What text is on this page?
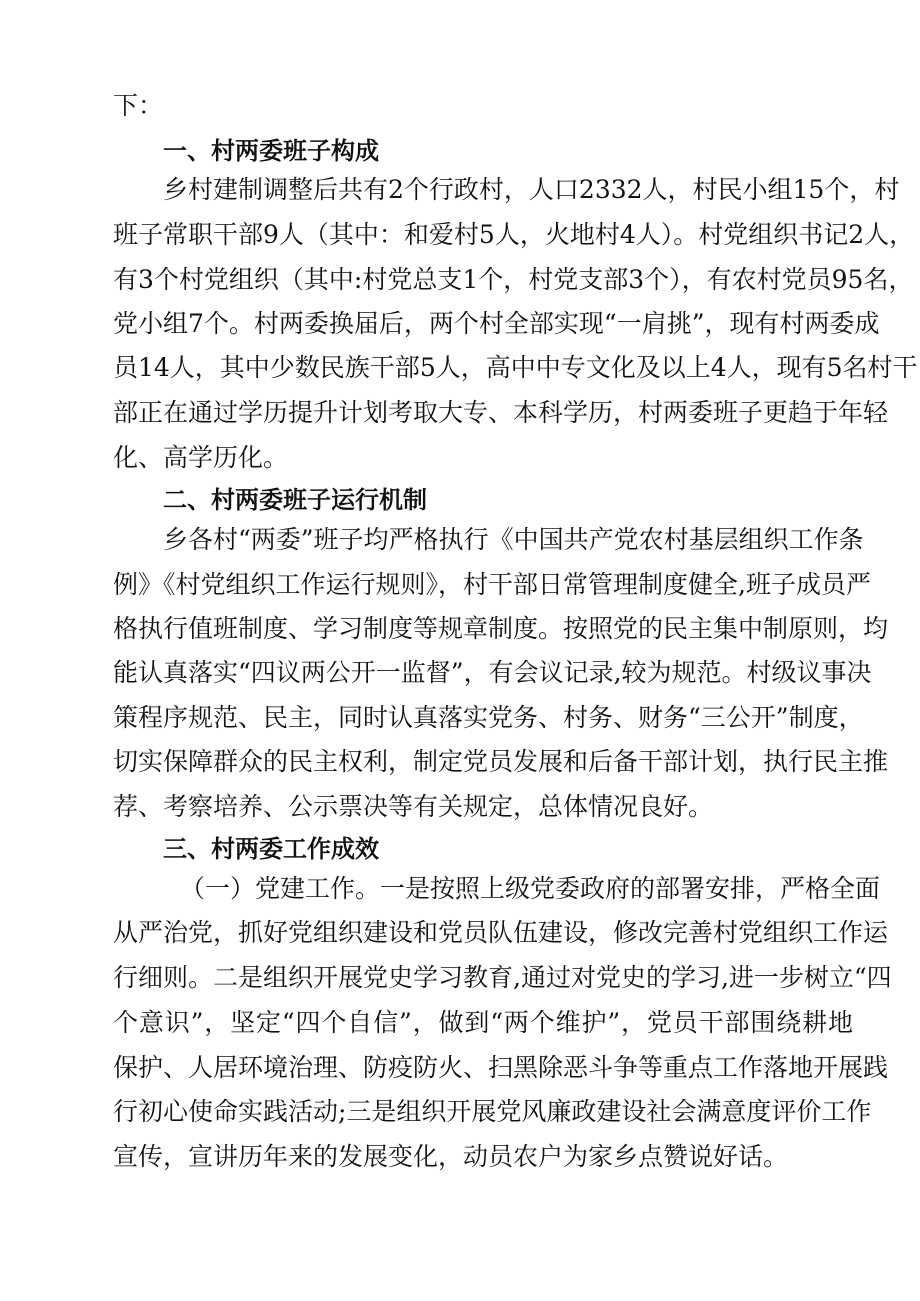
下：
一、村两委班子构成
乡村建制调整后共有2个行政村，人口2332人，村民小组15个，村
班子常职干部9人（其中：和爱村5人，火地村4人）。村党组织书记2人，
有3个村党组织（其中:村党总支1个，村党支部3个），有农村党员95名，
党小组7个。村两委换届后，两个村全部实现“一肩挑”，现有村两委成
员14人，其中少数民族干部5人，高中中专文化及以上4人，现有5名村干
部正在通过学历提升计划考取大专、本科学历，村两委班子更趋于年轻
化、高学历化。
二、村两委班子运行机制
乡各村“两委”班子均严格执行《中国共产党农村基层组织工作条
例》《村党组织工作运行规则》，村干部日常管理制度健全,班子成员严
格执行值班制度、学习制度等规章制度。按照党的民主集中制原则，均
能认真落实“四议两公开一监督”，有会议记录,较为规范。村级议事决
策程序规范、民主，同时认真落实党务、村务、财务“三公开”制度，
切实保障群众的民主权利，制定党员发展和后备干部计划，执行民主推
荐、考察培养、公示票决等有关规定，总体情况良好。
三、村两委工作成效
（一）党建工作。一是按照上级党委政府的部署安排，严格全面
从严治党，抓好党组织建设和党员队伍建设，修改完善村党组织工作运
行细则。二是组织开展党史学习教育,通过对党史的学习,进一步树立“四
个意识”，坚定“四个自信”，做到“两个维护”，党员干部围绕耕地
保护、人居环境治理、防疫防火、扫黑除恶斗争等重点工作落地开展践
行初心使命实践活动;三是组织开展党风廉政建设社会满意度评价工作
宣传，宣讲历年来的发展变化，动员农户为家乡点赞说好话。
